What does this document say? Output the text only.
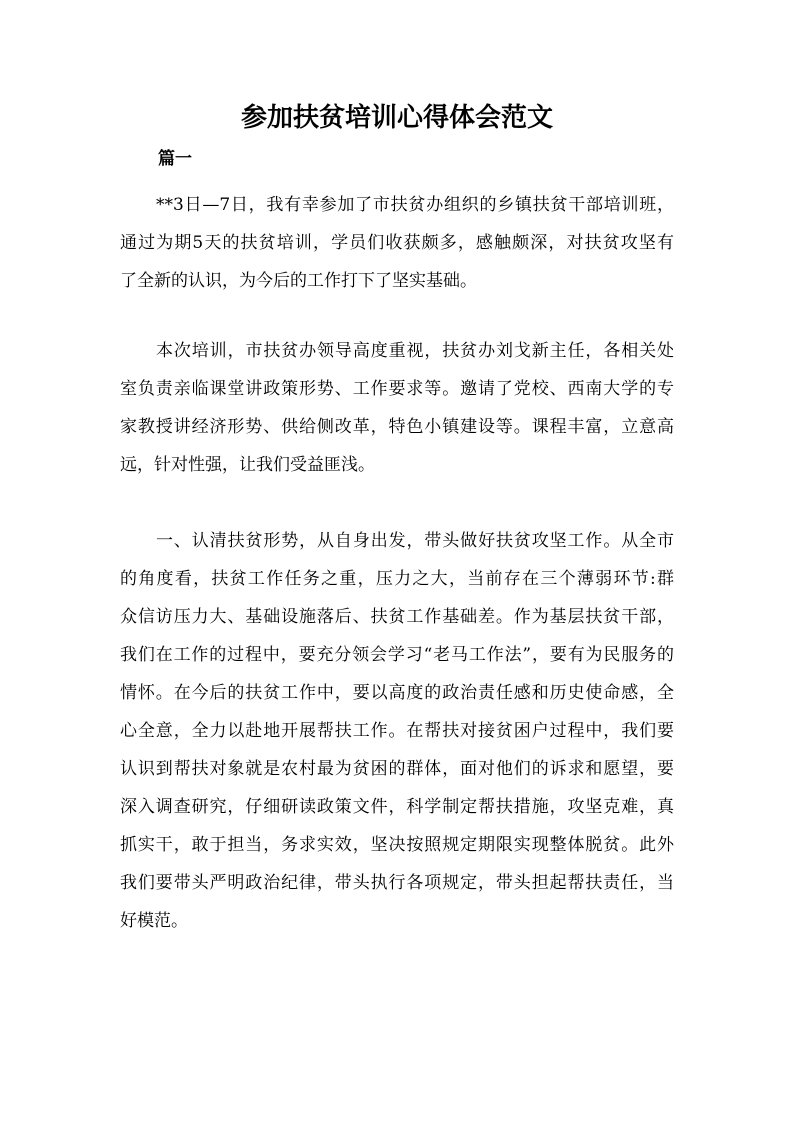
参加扶贫培训心得体会范文
篇一
**3日—7日，我有幸参加了市扶贫办组织的乡镇扶贫干部培训班，
通过为期5天的扶贫培训，学员们收获颇多，感触颇深，对扶贫攻坚有
了全新的认识，为今后的工作打下了坚实基础。
本次培训，市扶贫办领导高度重视，扶贫办刘戈新主任，各相关处
室负责亲临课堂讲政策形势、工作要求等。邀请了党校、西南大学的专
家教授讲经济形势、供给侧改革，特色小镇建设等。课程丰富，立意高
远，针对性强，让我们受益匪浅。
一、认清扶贫形势，从自身出发，带头做好扶贫攻坚工作。从全市
的角度看，扶贫工作任务之重，压力之大，当前存在三个薄弱环节:群
众信访压力大、基础设施落后、扶贫工作基础差。作为基层扶贫干部，
我们在工作的过程中，要充分领会学习“老马工作法”，要有为民服务的
情怀。在今后的扶贫工作中，要以高度的政治责任感和历史使命感，全
心全意，全力以赴地开展帮扶工作。在帮扶对接贫困户过程中，我们要
认识到帮扶对象就是农村最为贫困的群体，面对他们的诉求和愿望，要
深入调查研究，仔细研读政策文件，科学制定帮扶措施，攻坚克难，真
抓实干，敢于担当，务求实效，坚决按照规定期限实现整体脱贫。此外
我们要带头严明政治纪律，带头执行各项规定，带头担起帮扶责任，当
好模范。
